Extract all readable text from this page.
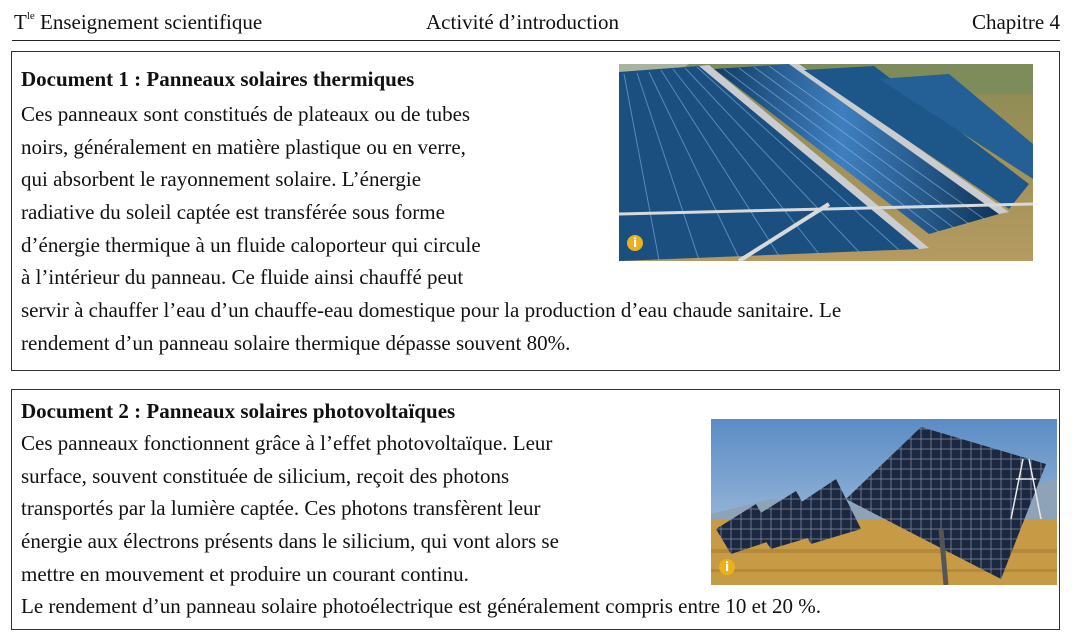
$T^{le}$ Enseignement scientifique	Activité d’introduction	Chapitre 4
Document 1 : Panneaux solaires thermiques
Ces panneaux sont constitués de plateaux ou de tubes
noirs, généralement en matière plastique ou en verre,
qui absorbent le rayonnement solaire. L’énergie
radiative du soleil captée est transférée sous forme
d’énergie thermique à un fluide caloporteur qui circule
à l’intérieur du panneau. Ce fluide ainsi chauffé peut
servir à chauffer l’eau d’un chauffe-eau domestique pour la production d’eau chaude sanitaire. Le
rendement d’un panneau solaire thermique dépasse souvent 80%.
i
Document 2 : Panneaux solaires photovoltaïques
Ces panneaux fonctionnent grâce à l’effet photovoltaïque. Leur
surface, souvent constituée de silicium, reçoit des photons
transportés par la lumière captée. Ces photons transfèrent leur
énergie aux électrons présents dans le silicium, qui vont alors se
mettre en mouvement et produire un courant continu.
Le rendement d’un panneau solaire photoélectrique est généralement compris entre 10 et 20 %.
i
